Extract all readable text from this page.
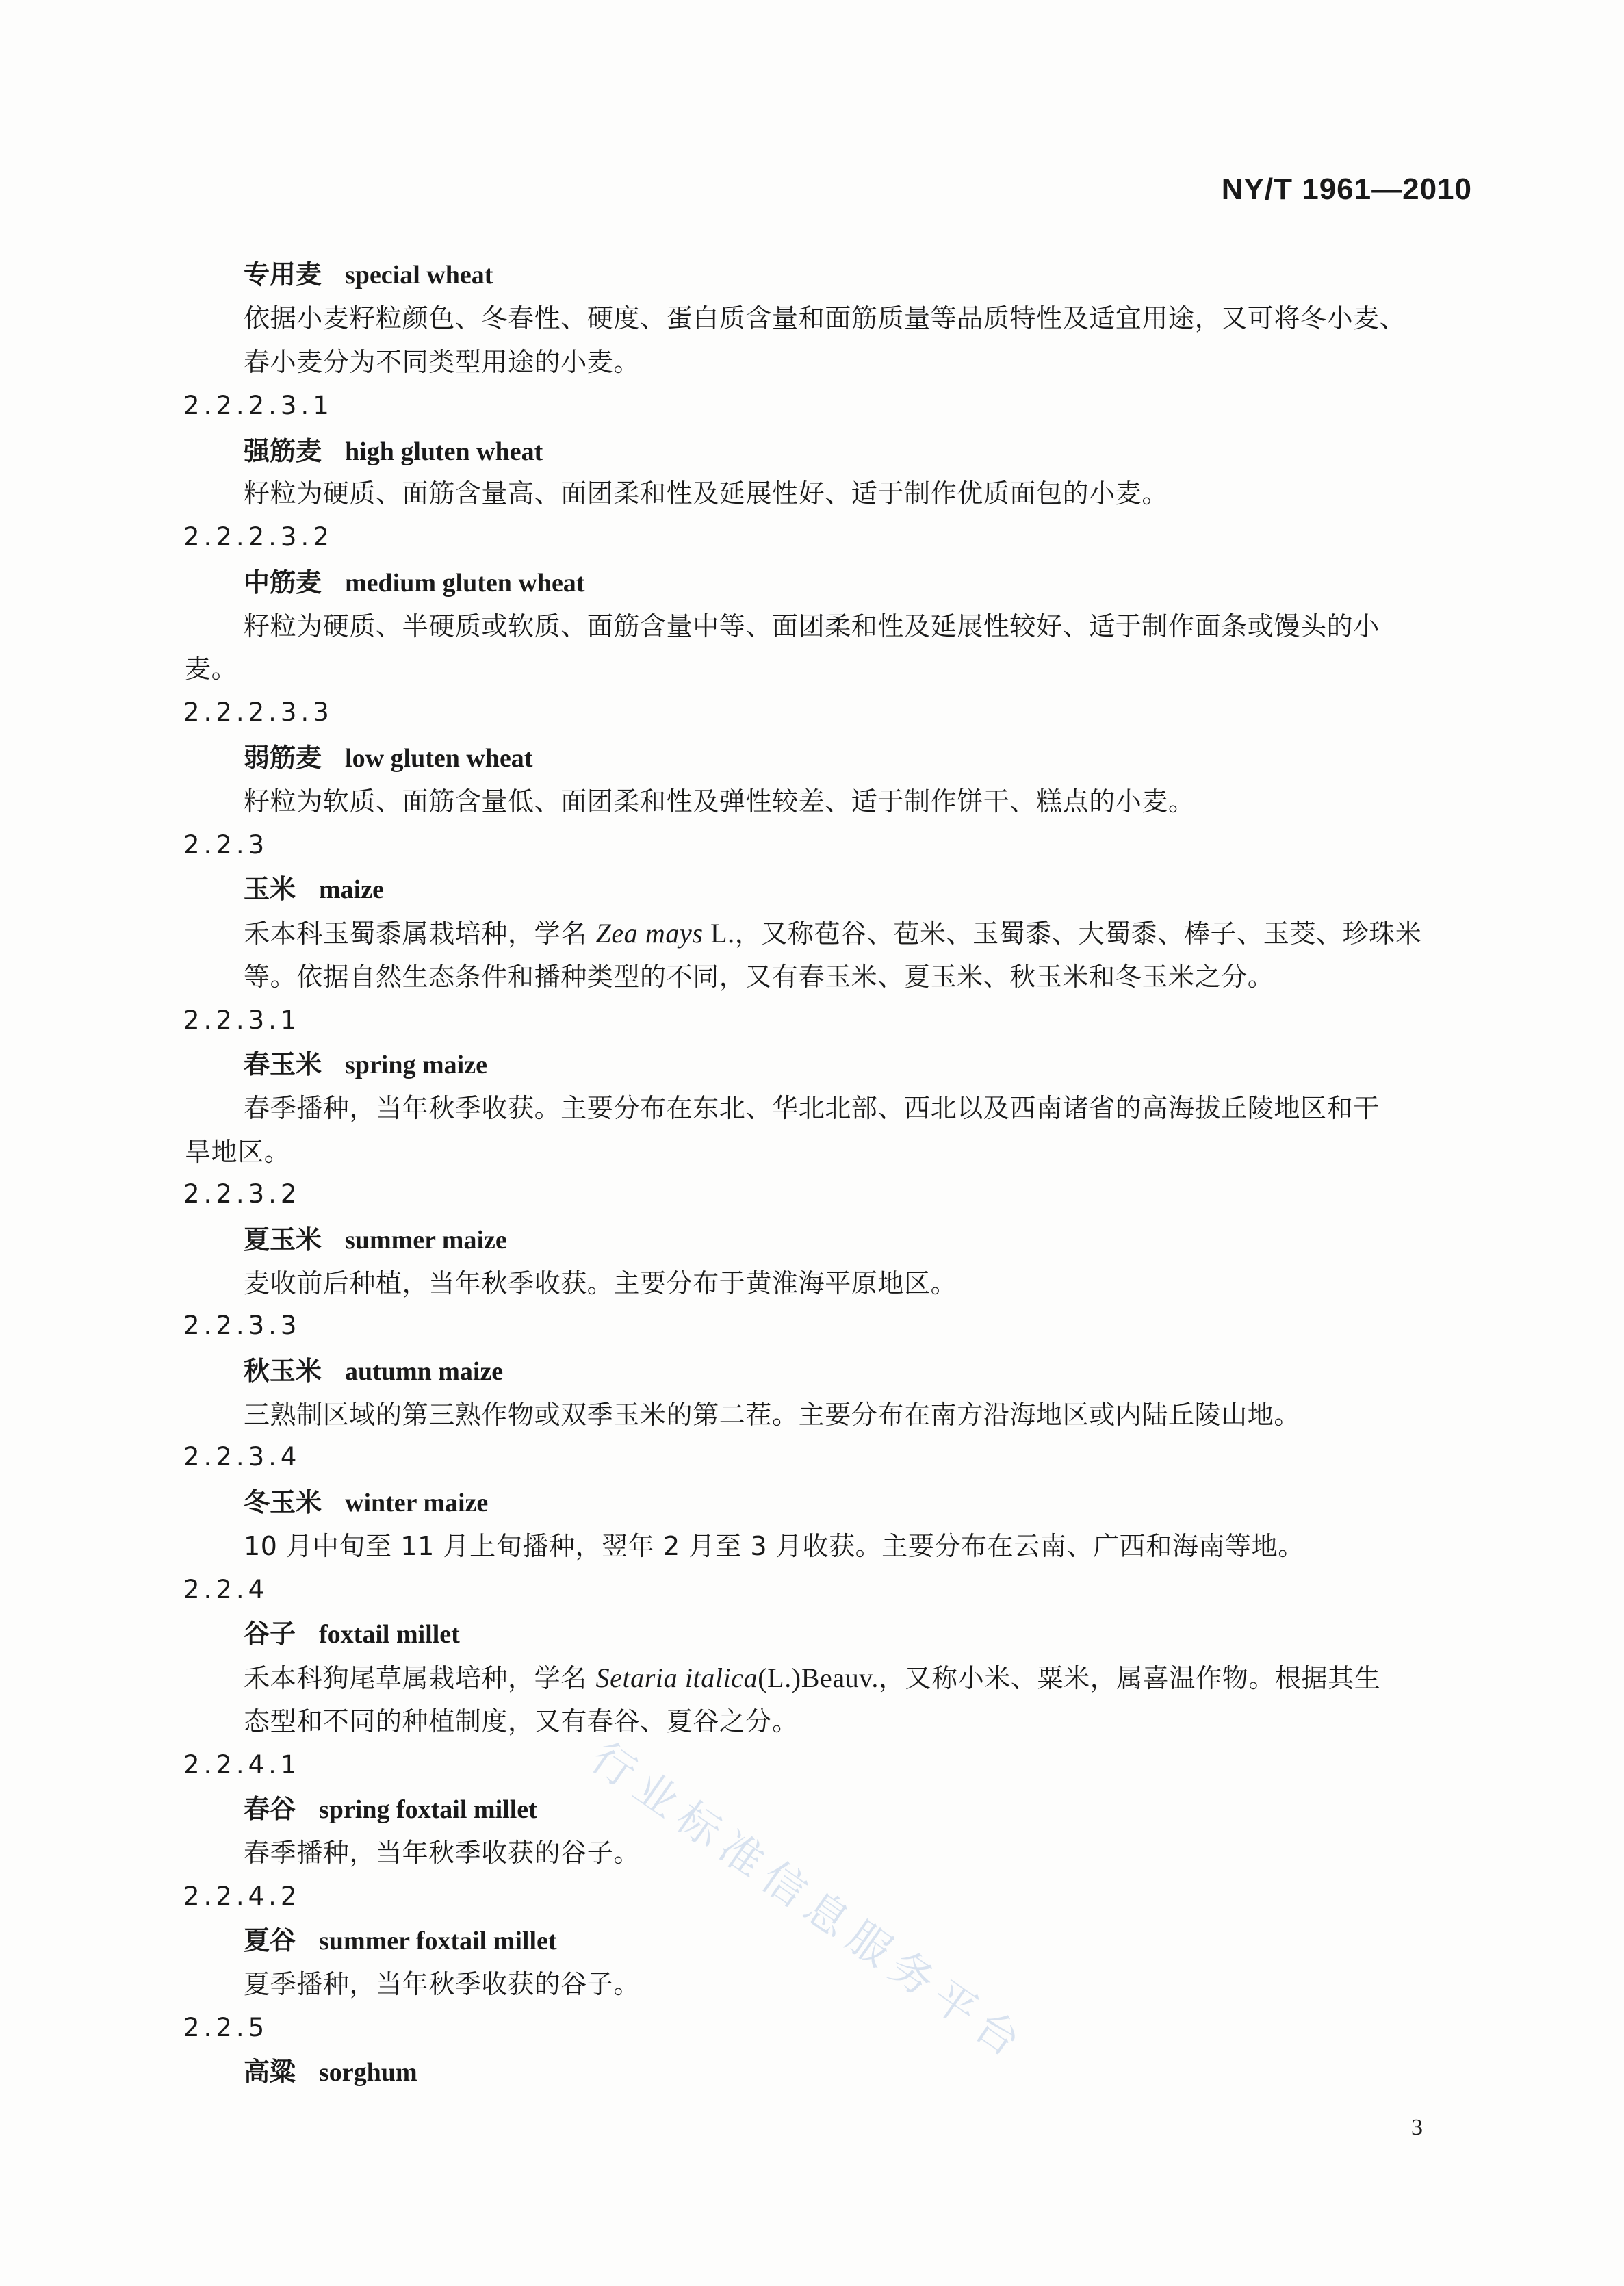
NY/T 1961—2010
专用麦 special wheat
依据小麦籽粒颜色、冬春性、硬度、蛋白质含量和面筋质量等品质特性及适宜用途，又可将冬小麦、
春小麦分为不同类型用途的小麦。
2.2.2.3.1
强筋麦 high gluten wheat
籽粒为硬质、面筋含量高、面团柔和性及延展性好、适于制作优质面包的小麦。
2.2.2.3.2
中筋麦 medium gluten wheat
籽粒为硬质、半硬质或软质、面筋含量中等、面团柔和性及延展性较好、适于制作面条或馒头的小
麦。
2.2.2.3.3
弱筋麦 low gluten wheat
籽粒为软质、面筋含量低、面团柔和性及弹性较差、适于制作饼干、糕点的小麦。
2.2.3
玉米 maize
禾本科玉蜀黍属栽培种，学名 Zea mays L.，又称苞谷、苞米、玉蜀黍、大蜀黍、棒子、玉茭、珍珠米
等。依据自然生态条件和播种类型的不同，又有春玉米、夏玉米、秋玉米和冬玉米之分。
2.2.3.1
春玉米 spring maize
春季播种，当年秋季收获。主要分布在东北、华北北部、西北以及西南诸省的高海拔丘陵地区和干
旱地区。
2.2.3.2
夏玉米 summer maize
麦收前后种植，当年秋季收获。主要分布于黄淮海平原地区。
2.2.3.3
秋玉米 autumn maize
三熟制区域的第三熟作物或双季玉米的第二茬。主要分布在南方沿海地区或内陆丘陵山地。
2.2.3.4
冬玉米 winter maize
10 月中旬至 11 月上旬播种，翌年 2 月至 3 月收获。主要分布在云南、广西和海南等地。
2.2.4
谷子 foxtail millet
禾本科狗尾草属栽培种，学名 Setaria italica(L.)Beauv.，又称小米、粟米，属喜温作物。根据其生
态型和不同的种植制度，又有春谷、夏谷之分。
2.2.4.1
春谷 spring foxtail millet
春季播种，当年秋季收获的谷子。
2.2.4.2
夏谷 summer foxtail millet
夏季播种，当年秋季收获的谷子。
2.2.5
高粱 sorghum
行业标准信息服务平台
3
